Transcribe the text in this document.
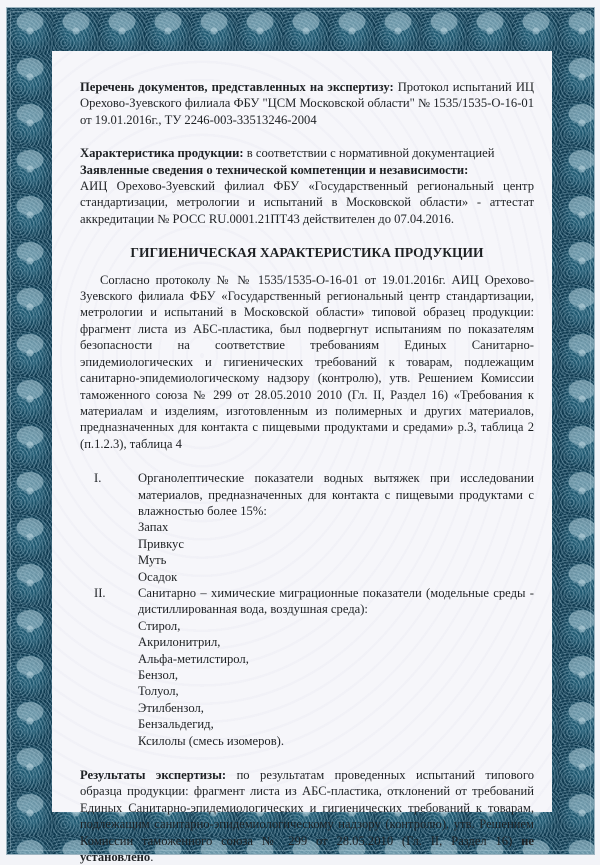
Перечень документов, представленных на экспертизу: Протокол испытаний ИЦ Орехово-Зуевского филиала ФБУ "ЦСМ Московской области" № 1535/1535-О-16-01 от 19.01.2016г., ТУ 2246-003-33513246-2004

Характеристика продукции: в соответствии с нормативной документацией

Заявленные сведения о технической компетенции и независимости:

АИЦ Орехово-Зуевский филиал ФБУ «Государственный региональный центр стандартизации, метрологии и испытаний в Московской области» - аттестат аккредитации № РОСС RU.0001.21ПТ43 действителен до 07.04.2016.

ГИГИЕНИЧЕСКАЯ ХАРАКТЕРИСТИКА ПРОДУКЦИИ

Согласно протоколу № № 1535/1535-О-16-01 от 19.01.2016г. АИЦ Орехово-Зуевского филиала ФБУ «Государственный региональный центр стандартизации, метрологии и испытаний в Московской области» типовой образец продукции: фрагмент листа из АБС-пластика, был подвергнут испытаниям по показателям безопасности на соответствие требованиям Единых Санитарно-эпидемиологических и гигиенических требований к товарам, подлежащим санитарно-эпидемиологическому надзору (контролю), утв. Решением Комиссии таможенного союза № 299 от 28.05.2010 2010 (Гл. II, Раздел 16) «Требования к материалам и изделиям, изготовленным из полимерных и других материалов, предназначенных для контакта с пищевыми продуктами и средами» р.3, таблица 2 (п.1.2.3), таблица 4

I.	Органолептические показатели водных вытяжек при исследовании материалов, предназначенных для контакта с пищевыми продуктами с влажностью более 15%:

Запах
Привкус
Муть
Осадок
II.	Санитарно – химические миграционные показатели (модельные среды - дистиллированная вода, воздушная среда):

Стирол,
Акрилонитрил,
Альфа-метилстирол,
Бензол,
Толуол,
Этилбензол,
Бензальдегид,
Ксилолы (смесь изомеров).

Результаты экспертизы: по результатам проведенных испытаний типового образца продукции: фрагмент листа из АБС-пластика, отклонений от требований Единых Санитарно-эпидемиологических и гигиенических требований к товарам, подлежащим санитарно-эпидемиологическому надзору (контролю), утв. Решением Комиссии таможенного союза № 299 от 28.05.2010 (Гл. II, Раздел 16) не установлено.
